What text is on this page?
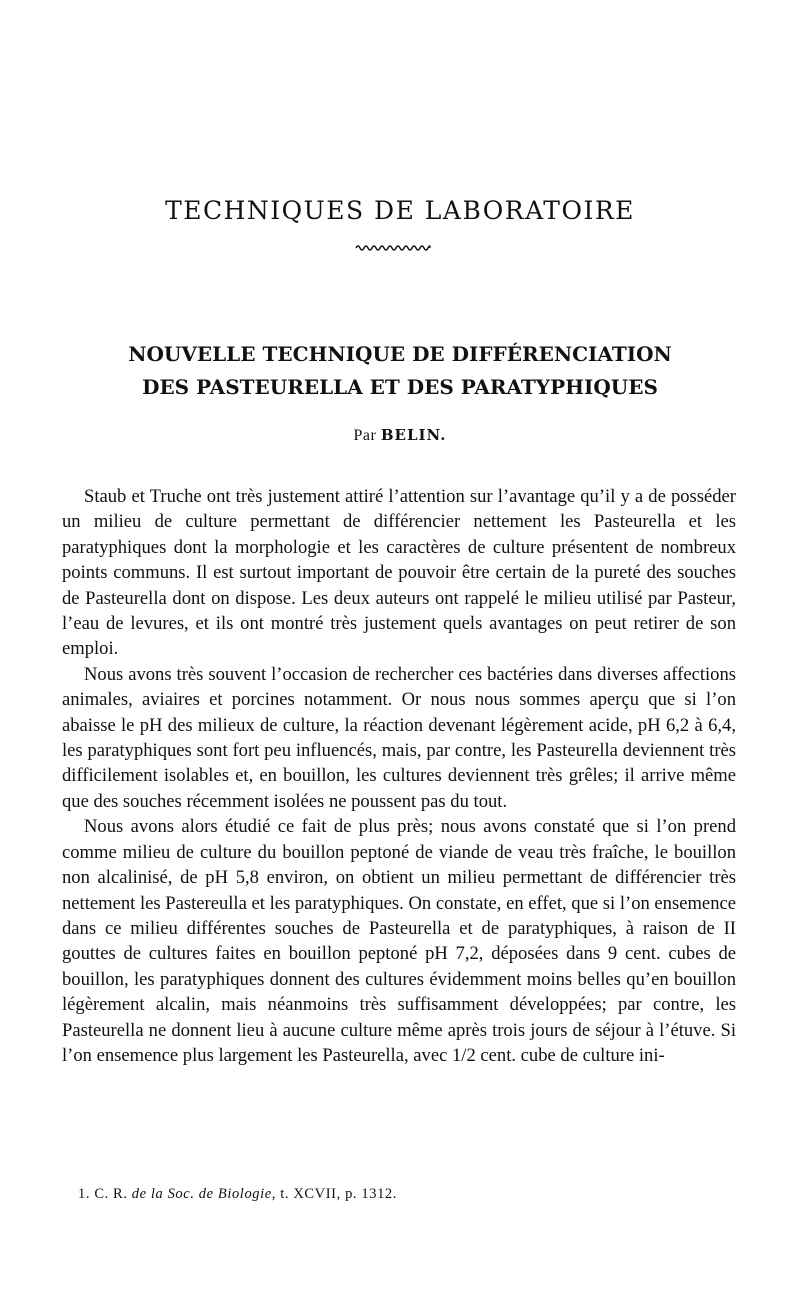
TECHNIQUES DE LABORATOIRE
NOUVELLE TECHNIQUE DE DIFFÉRENCIATION
DES PASTEURELLA ET DES PARATYPHIQUES
Par BELIN.

Staub et Truche ont très justement attiré l’attention sur l’avantage qu’il y a de posséder un milieu de culture permettant de différencier nettement les Pasteurella et les paratyphiques dont la morphologie et les caractères de culture présentent de nombreux points communs. Il est surtout important de pouvoir être certain de la pureté des souches de Pasteurella dont on dispose. Les deux auteurs ont rappelé le milieu utilisé par Pasteur, l’eau de levures, et ils ont montré très justement quels avantages on peut retirer de son emploi.

Nous avons très souvent l’occasion de rechercher ces bactéries dans diverses affections animales, aviaires et porcines notamment. Or nous nous sommes aperçu que si l’on abaisse le pH des milieux de culture, la réaction devenant légèrement acide, pH 6,2 à 6,4, les paratyphiques sont fort peu influencés, mais, par contre, les Pasteurella deviennent très difficilement isolables et, en bouillon, les cultures deviennent très grêles; il arrive même que des souches récemment isolées ne poussent pas du tout.

Nous avons alors étudié ce fait de plus près; nous avons constaté que si l’on prend comme milieu de culture du bouillon peptoné de viande de veau très fraîche, le bouillon non alcalinisé, de pH 5,8 environ, on obtient un milieu permettant de différencier très nettement les Pastereulla et les paratyphiques. On constate, en effet, que si l’on ensemence dans ce milieu différentes souches de Pasteurella et de paratyphiques, à raison de II gouttes de cultures faites en bouillon peptoné pH 7,2, déposées dans 9 cent. cubes de bouillon, les paratyphiques donnent des cultures évidemment moins belles qu’en bouillon légèrement alcalin, mais néanmoins très suffisamment développées; par contre, les Pasteurella ne donnent lieu à aucune culture même après trois jours de séjour à l’étuve. Si l’on ensemence plus largement les Pasteurella, avec 1/2 cent. cube de culture ini-

1. C. R. de la Soc. de Biologie, t. XCVII, p. 1312.
